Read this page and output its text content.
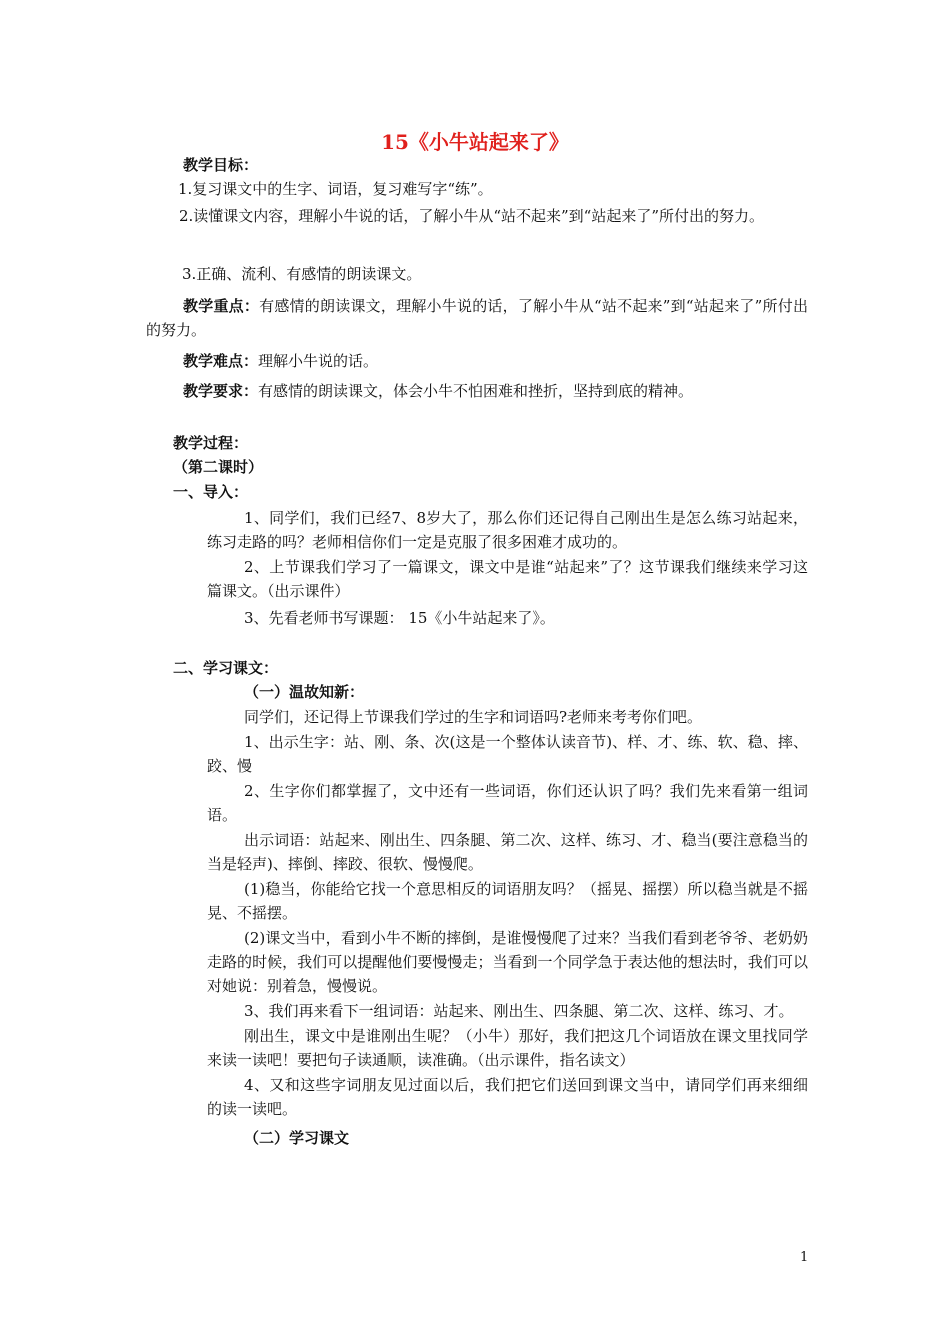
15《小牛站起来了》
教学目标：
1.复习课文中的生字、词语，复习难写字“练”。
2.读懂课文内容，理解小牛说的话，了解小牛从“站不起来”到“站起来了”所付出的努力。
3.正确、流利、有感情的朗读课文。
教学重点：有感情的朗读课文，理解小牛说的话，了解小牛从“站不起来”到“站起来了”所付出的努力。
教学难点：理解小牛说的话。
教学要求：有感情的朗读课文，体会小牛不怕困难和挫折，坚持到底的精神。
教学过程：
（第二课时）
一、导入：
1、同学们，我们已经7、8岁大了，那么你们还记得自己刚出生是怎么练习站起来，练习走路的吗？老师相信你们一定是克服了很多困难才成功的。
2、上节课我们学习了一篇课文，课文中是谁“站起来”了？这节课我们继续来学习这篇课文。（出示课件）
3、先看老师书写课题： 15《小牛站起来了》。
二、学习课文：
（一）温故知新：
同学们，还记得上节课我们学过的生字和词语吗?老师来考考你们吧。
1、出示生字：站、刚、条、次(这是一个整体认读音节)、样、才、练、软、稳、摔、跤、慢
2、生字你们都掌握了，文中还有一些词语，你们还认识了吗？我们先来看第一组词语。
出示词语：站起来、刚出生、四条腿、第二次、这样、练习、才、稳当(要注意稳当的当是轻声)、摔倒、摔跤、很软、慢慢爬。
(1)稳当，你能给它找一个意思相反的词语朋友吗？（摇晃、摇摆）所以稳当就是不摇晃、不摇摆。
(2)课文当中，看到小牛不断的摔倒，是谁慢慢爬了过来？当我们看到老爷爷、老奶奶走路的时候，我们可以提醒他们要慢慢走；当看到一个同学急于表达他的想法时，我们可以对她说：别着急，慢慢说。
3、我们再来看下一组词语：站起来、刚出生、四条腿、第二次、这样、练习、才。
刚出生，课文中是谁刚出生呢？（小牛）那好，我们把这几个词语放在课文里找同学来读一读吧！要把句子读通顺，读准确。（出示课件，指名读文）
4、又和这些字词朋友见过面以后，我们把它们送回到课文当中，请同学们再来细细的读一读吧。
（二）学习课文
1
